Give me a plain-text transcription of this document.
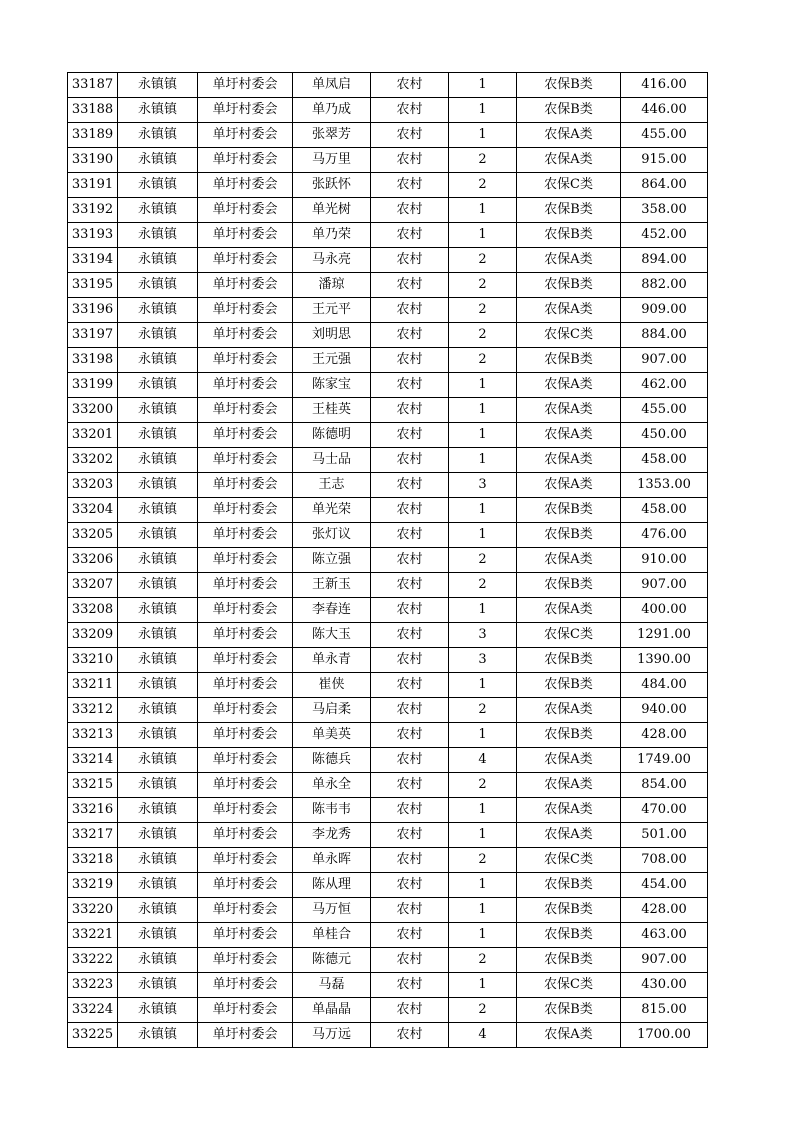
33187	永镇镇	单圩村委会	单凤启	农村	1	农保B类	416.00
33188	永镇镇	单圩村委会	单乃成	农村	1	农保B类	446.00
33189	永镇镇	单圩村委会	张翠芳	农村	1	农保A类	455.00
33190	永镇镇	单圩村委会	马万里	农村	2	农保A类	915.00
33191	永镇镇	单圩村委会	张跃怀	农村	2	农保C类	864.00
33192	永镇镇	单圩村委会	单光树	农村	1	农保B类	358.00
33193	永镇镇	单圩村委会	单乃荣	农村	1	农保B类	452.00
33194	永镇镇	单圩村委会	马永亮	农村	2	农保A类	894.00
33195	永镇镇	单圩村委会	潘琼	农村	2	农保B类	882.00
33196	永镇镇	单圩村委会	王元平	农村	2	农保A类	909.00
33197	永镇镇	单圩村委会	刘明思	农村	2	农保C类	884.00
33198	永镇镇	单圩村委会	王元强	农村	2	农保B类	907.00
33199	永镇镇	单圩村委会	陈家宝	农村	1	农保A类	462.00
33200	永镇镇	单圩村委会	王桂英	农村	1	农保A类	455.00
33201	永镇镇	单圩村委会	陈德明	农村	1	农保A类	450.00
33202	永镇镇	单圩村委会	马士品	农村	1	农保A类	458.00
33203	永镇镇	单圩村委会	王志	农村	3	农保A类	1353.00
33204	永镇镇	单圩村委会	单光荣	农村	1	农保B类	458.00
33205	永镇镇	单圩村委会	张灯议	农村	1	农保B类	476.00
33206	永镇镇	单圩村委会	陈立强	农村	2	农保A类	910.00
33207	永镇镇	单圩村委会	王新玉	农村	2	农保B类	907.00
33208	永镇镇	单圩村委会	李春连	农村	1	农保A类	400.00
33209	永镇镇	单圩村委会	陈大玉	农村	3	农保C类	1291.00
33210	永镇镇	单圩村委会	单永青	农村	3	农保B类	1390.00
33211	永镇镇	单圩村委会	崔侠	农村	1	农保B类	484.00
33212	永镇镇	单圩村委会	马启柔	农村	2	农保A类	940.00
33213	永镇镇	单圩村委会	单美英	农村	1	农保B类	428.00
33214	永镇镇	单圩村委会	陈德兵	农村	4	农保A类	1749.00
33215	永镇镇	单圩村委会	单永全	农村	2	农保A类	854.00
33216	永镇镇	单圩村委会	陈韦韦	农村	1	农保A类	470.00
33217	永镇镇	单圩村委会	李龙秀	农村	1	农保A类	501.00
33218	永镇镇	单圩村委会	单永晖	农村	2	农保C类	708.00
33219	永镇镇	单圩村委会	陈从理	农村	1	农保B类	454.00
33220	永镇镇	单圩村委会	马万恒	农村	1	农保B类	428.00
33221	永镇镇	单圩村委会	单桂合	农村	1	农保B类	463.00
33222	永镇镇	单圩村委会	陈德元	农村	2	农保B类	907.00
33223	永镇镇	单圩村委会	马磊	农村	1	农保C类	430.00
33224	永镇镇	单圩村委会	单晶晶	农村	2	农保B类	815.00
33225	永镇镇	单圩村委会	马万远	农村	4	农保A类	1700.00
